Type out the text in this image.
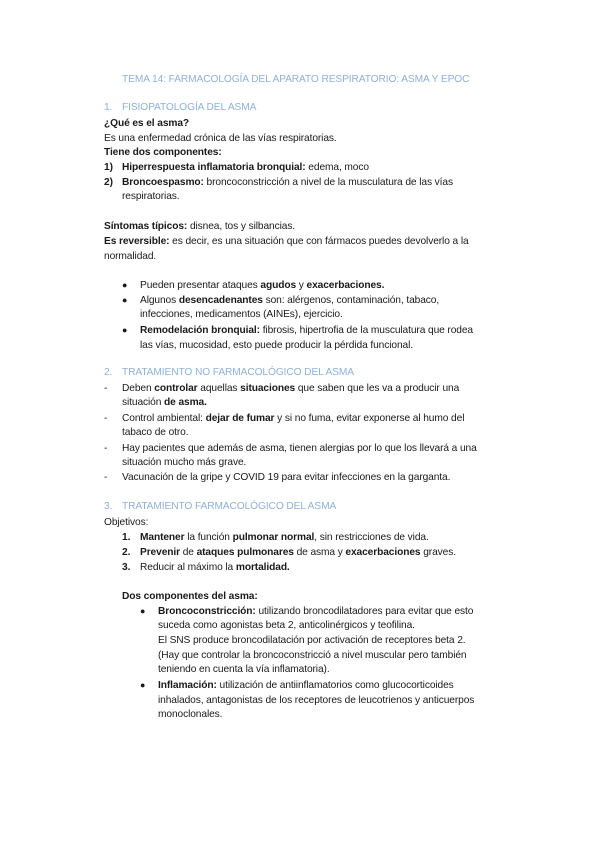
TEMA 14: FARMACOLOGÍA DEL APARATO RESPIRATORIO: ASMA Y EPOC
1. FISIOPATOLOGÍA DEL ASMA
¿Qué es el asma?
Es una enfermedad crónica de las vías respiratorias.
Tiene dos componentes:
1) Hiperrespuesta inflamatoria bronquial: edema, moco
2) Broncoespasmo: broncoconstricción a nivel de la musculatura de las vías
respiratorias.
Síntomas típicos: disnea, tos y silbancias.
Es reversible: es decir, es una situación que con fármacos puedes devolverlo a la
normalidad.
● Pueden presentar ataques agudos y exacerbaciones.
● Algunos desencadenantes son: alérgenos, contaminación, tabaco,
infecciones, medicamentos (AINEs), ejercicio.
● Remodelación bronquial: fibrosis, hipertrofia de la musculatura que rodea
las vías, mucosidad, esto puede producir la pérdida funcional.
2. TRATAMIENTO NO FARMACOLÓGICO DEL ASMA
- Deben controlar aquellas situaciones que saben que les va a producir una
situación de asma.
- Control ambiental: dejar de fumar y si no fuma, evitar exponerse al humo del
tabaco de otro.
- Hay pacientes que además de asma, tienen alergias por lo que los llevará a una
situación mucho más grave.
- Vacunación de la gripe y COVID 19 para evitar infecciones en la garganta.
3. TRATAMIENTO FARMACOLÓGICO DEL ASMA
Objetivos:
1. Mantener la función pulmonar normal, sin restricciones de vida.
2. Prevenir de ataques pulmonares de asma y exacerbaciones graves.
3. Reducir al máximo la mortalidad.
Dos componentes del asma:
● Broncoconstricción: utilizando broncodilatadores para evitar que esto
suceda como agonistas beta 2, anticolinérgicos y teofilina.
El SNS produce broncodilatación por activación de receptores beta 2.
(Hay que controlar la broncoconstricció a nivel muscular pero también
teniendo en cuenta la vía inflamatoria).
● Inflamación: utilización de antiinflamatorios como glucocorticoides
inhalados, antagonistas de los receptores de leucotrienos y anticuerpos
monoclonales.
